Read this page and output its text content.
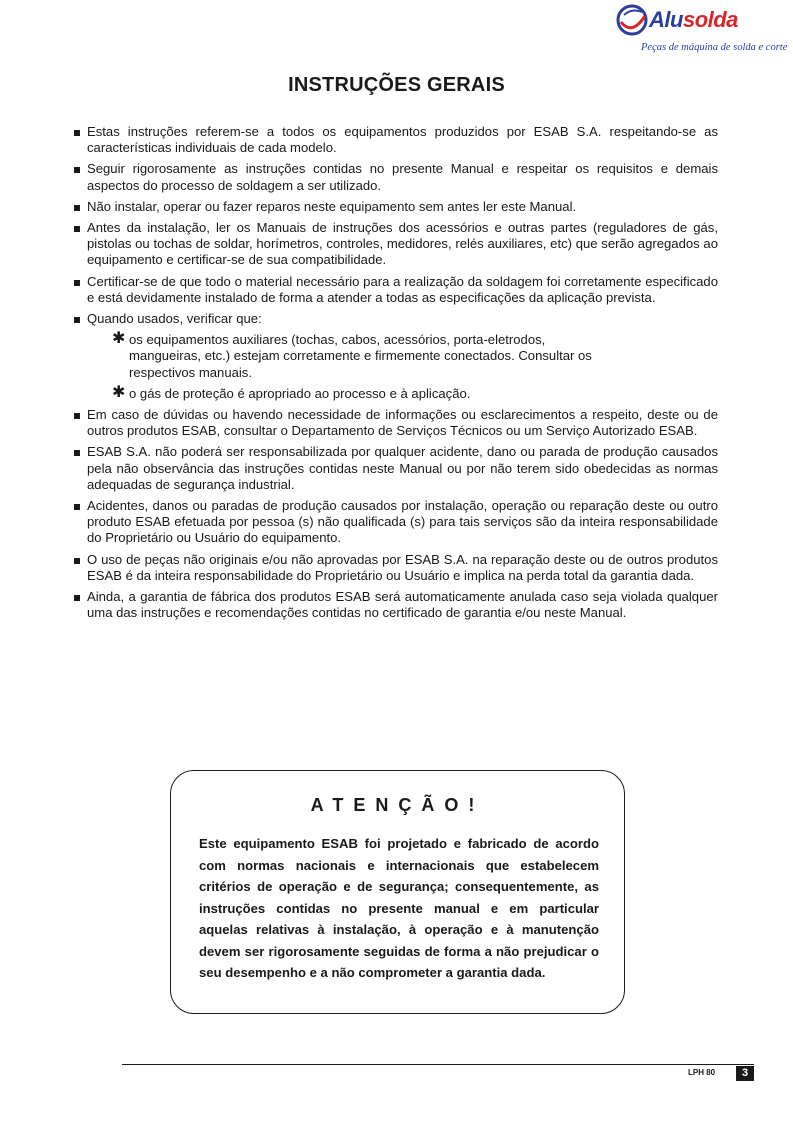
Alusolda
Peças de máquina de solda e corte
INSTRUÇÕES GERAIS
Estas instruções referem-se a todos os equipamentos produzidos por ESAB S.A. respeitando-se as características individuais de cada modelo.
Seguir rigorosamente as instruções contidas no presente Manual e respeitar os requisitos e demais aspectos do processo de soldagem a ser utilizado.
Não instalar, operar ou fazer reparos neste equipamento sem antes ler este Manual.
Antes da instalação, ler os Manuais de instruções dos acessórios e outras partes (reguladores de gás, pistolas ou tochas de soldar, horímetros, controles, medidores, relés auxiliares, etc) que serão agregados ao equipamento e certificar-se de sua compatibilidade.
Certificar-se de que todo o material necessário para a realização da soldagem foi corretamente especificado e está devidamente instalado de forma a atender a todas as especificações da aplicação prevista.
Quando usados, verificar que:
✱ os equipamentos auxiliares (tochas, cabos, acessórios, porta-eletrodos, mangueiras, etc.) estejam corretamente e firmemente conectados. Consultar os respectivos manuais.
✱ o gás de proteção é apropriado ao processo e à aplicação.
Em caso de dúvidas ou havendo necessidade de informações ou esclarecimentos a respeito, deste ou de outros produtos ESAB, consultar o Departamento de Serviços Técnicos ou um Serviço Autorizado ESAB.
ESAB S.A. não poderá ser responsabilizada por qualquer acidente, dano ou parada de produção causados pela não observância das instruções contidas neste Manual ou por não terem sido obedecidas as normas adequadas de segurança industrial.
Acidentes, danos ou paradas de produção causados por instalação, operação ou reparação deste ou outro produto ESAB efetuada por pessoa (s) não qualificada (s) para tais serviços são da inteira responsabilidade do Proprietário ou Usuário do equipamento.
O uso de peças não originais e/ou não aprovadas por ESAB S.A. na reparação deste ou de outros produtos ESAB é da inteira responsabilidade do Proprietário ou Usuário e implica na perda total da garantia dada.
Ainda, a garantia de fábrica dos produtos ESAB será automaticamente anulada caso seja violada qualquer uma das instruções e recomendações contidas no certificado de garantia e/ou neste Manual.
ATENÇÃO!
Este equipamento ESAB foi projetado e fabricado de acordo com normas nacionais e internacionais que estabelecem critérios de operação e de segurança; consequentemente, as instruções contidas no presente manual e em particular aquelas relativas à instalação, à operação e à manutenção devem ser rigorosamente seguidas de forma a não prejudicar o seu desempenho e a não comprometer a garantia dada.
LPH 80	3
